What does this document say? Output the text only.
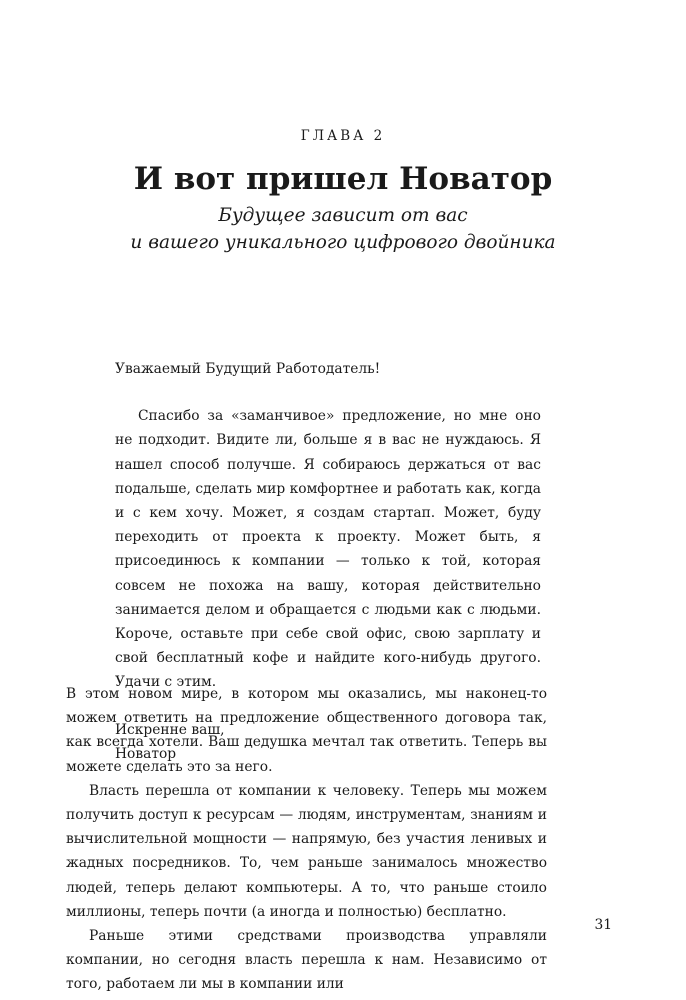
ГЛАВА 2
И вот пришел Новатор
Будущее зависит от вас
и вашего уникального цифрового двойника

Уважаемый Будущий Работодатель!

Спасибо за «заманчивое» предложение, но мне оно не подходит. Видите ли, больше я в вас не нуждаюсь. Я нашел способ получше. Я собираюсь держаться от вас подальше, сделать мир комфортнее и работать как, когда и с кем хочу. Может, я создам стартап. Может, буду переходить от проекта к проекту. Может быть, я присоединюсь к компании — только к той, которая совсем не похожа на вашу, которая действительно занимается делом и обращается с людьми как с людьми. Короче, оставьте при себе свой офис, свою зарплату и свой бесплатный кофе и найдите кого-нибудь другого. Удачи с этим.

Искренне ваш,

Новатор

В этом новом мире, в котором мы оказались, мы наконец-то можем ответить на предложение общественного договора так, как всегда хотели. Ваш дедушка мечтал так ответить. Теперь вы можете сделать это за него.

Власть перешла от компании к человеку. Теперь мы можем получить доступ к ресурсам — людям, инструментам, знаниям и вычислительной мощности — напрямую, без участия ленивых и жадных посредников. То, чем раньше занималось множество людей, теперь делают компьютеры. А то, что раньше стоило миллионы, теперь почти (а иногда и полностью) бесплатно.

Раньше этими средствами производства управляли компании, но сегодня власть перешла к нам. Независимо от того, работаем ли мы в компании или

31
